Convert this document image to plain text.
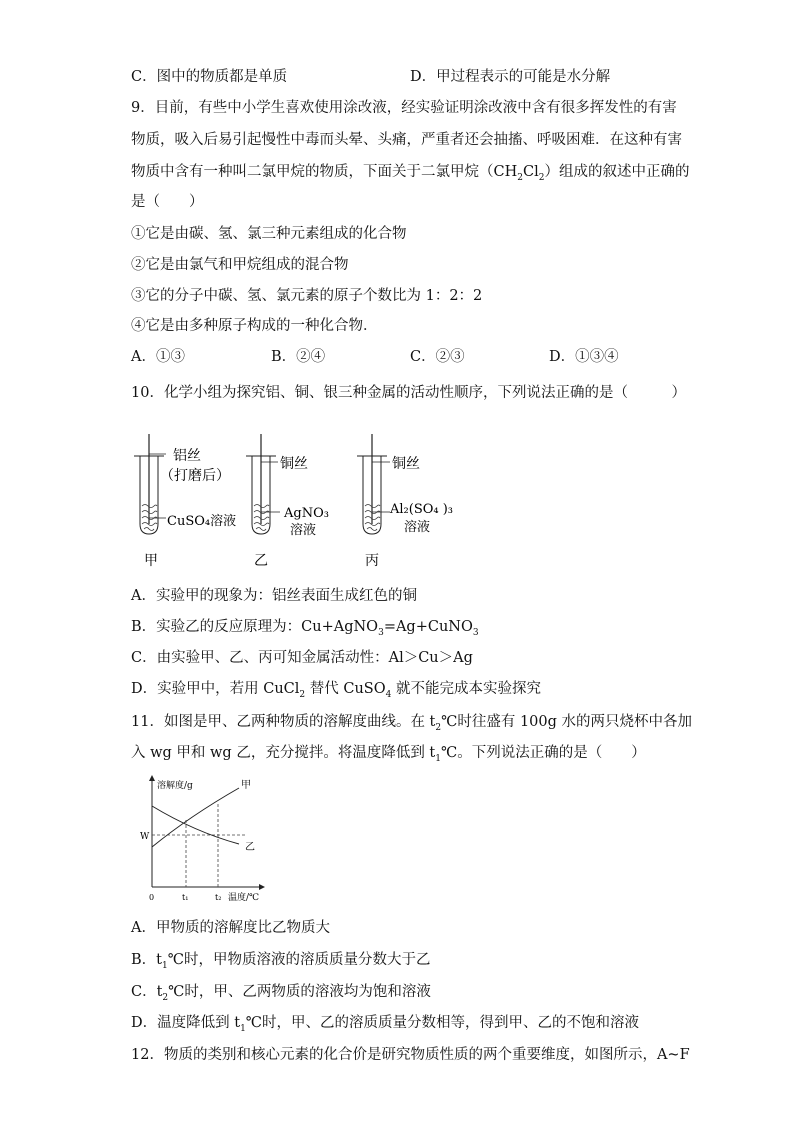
C．图中的物质都是单质	D．甲过程表示的可能是水分解
9．目前，有些中小学生喜欢使用涂改液，经实验证明涂改液中含有很多挥发性的有害
物质，吸入后易引起慢性中毒而头晕、头痛，严重者还会抽搐、呼吸困难．在这种有害
物质中含有一种叫二氯甲烷的物质，下面关于二氯甲烷$(CH_2Cl_2)$组成的叙述中正确的
是（　　）
①它是由碳、氢、氯三种元素组成的化合物
②它是由氯气和甲烷组成的混合物
③它的分子中碳、氢、氯元素的原子个数比为 1：2：2
④它是由多种原子构成的一种化合物．
A．①③	B．②④	C．②③	D．①③④
10．化学小组为探究铝、铜、银三种金属的活动性顺序，下列说法正确的是（　　　）
铝丝
（打磨后）
CuSO₄溶液
甲
铜丝
AgNO₃
溶液
乙
铜丝
Al₂(SO₄ )₃
溶液
丙
A．实验甲的现象为：铝丝表面生成红色的铜
B．实验乙的反应原理为：Cu+AgNO$_3$=Ag+CuNO$_3$
C．由实验甲、乙、丙可知金属活动性：Al＞Cu＞Ag
D．实验甲中，若用 CuCl$_2$ 替代 CuSO$_4$ 就不能完成本实验探究
11．如图是甲、乙两种物质的溶解度曲线。在 $t_2℃$时往盛有 100g 水的两只烧杯中各加
入 wg 甲和 wg 乙，充分搅拌。将温度降低到 $t_1℃$。下列说法正确的是（　　）
溶解度/g
0
W
t₁	t₂ 温度/℃
甲
乙
A．甲物质的溶解度比乙物质大
B．$t_1℃$时，甲物质溶液的溶质质量分数大于乙
C．$t_2℃$时，甲、乙两物质的溶液均为饱和溶液
D．温度降低到 $t_1℃$时，甲、乙的溶质质量分数相等，得到甲、乙的不饱和溶液
12．物质的类别和核心元素的化合价是研究物质性质的两个重要维度，如图所示，A~F
